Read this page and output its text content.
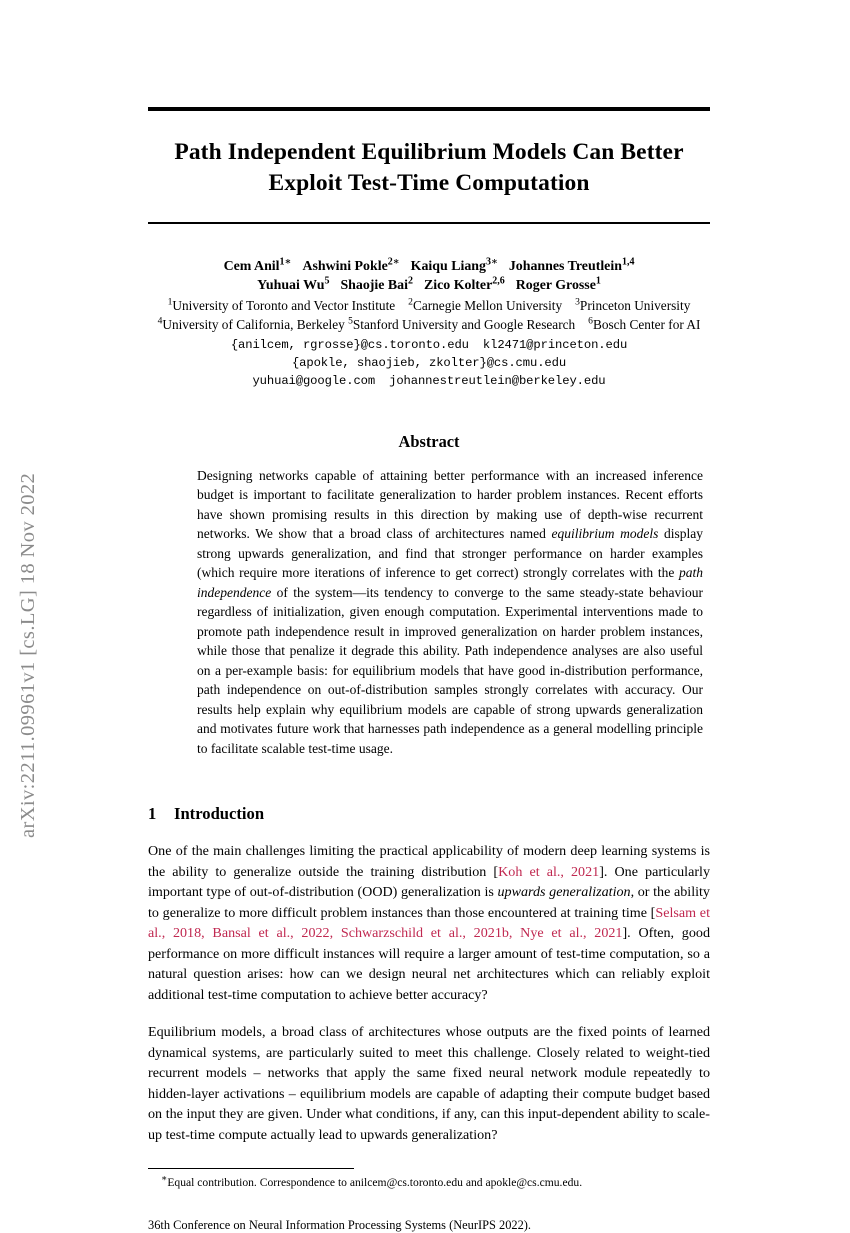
arXiv:2211.09961v1 [cs.LG] 18 Nov 2022
Path Independent Equilibrium Models Can Better
Exploit Test-Time Computation
Cem Anil$^{1∗}$ Ashwini Pokle$^{2∗}$ Kaiqu Liang$^{3∗}$ Johannes Treutlein$^{1,4}$
Yuhuai Wu$^5$ Shaojie Bai$^2$ Zico Kolter$^{2,6}$ Roger Grosse$^1$
$^1$University of Toronto and Vector Institute $^2$Carnegie Mellon University $^3$Princeton University
$^4$University of California, Berkeley $^5$Stanford University and Google Research $^6$Bosch Center for AI
{anilcem, rgrosse}@cs.toronto.edu kl2471@princeton.edu
{apokle, shaojieb, zkolter}@cs.cmu.edu
yuhuai@google.com johannestreutlein@berkeley.edu
Abstract
Designing networks capable of attaining better performance with an increased inference budget is important to facilitate generalization to harder problem instances. Recent efforts have shown promising results in this direction by making use of depth-wise recurrent networks. We show that a broad class of architectures named equilibrium models display strong upwards generalization, and find that stronger performance on harder examples (which require more iterations of inference to get correct) strongly correlates with the path independence of the system—its tendency to converge to the same steady-state behaviour regardless of initialization, given enough computation. Experimental interventions made to promote path independence result in improved generalization on harder problem instances, while those that penalize it degrade this ability. Path independence analyses are also useful on a per-example basis: for equilibrium models that have good in-distribution performance, path independence on out-of-distribution samples strongly correlates with accuracy. Our results help explain why equilibrium models are capable of strong upwards generalization and motivates future work that harnesses path independence as a general modelling principle to facilitate scalable test-time usage.
1 Introduction
One of the main challenges limiting the practical applicability of modern deep learning systems is the ability to generalize outside the training distribution [Koh et al., 2021]. One particularly important type of out-of-distribution (OOD) generalization is upwards generalization, or the ability to generalize to more difficult problem instances than those encountered at training time [Selsam et al., 2018, Bansal et al., 2022, Schwarzschild et al., 2021b, Nye et al., 2021]. Often, good performance on more difficult instances will require a larger amount of test-time computation, so a natural question arises: how can we design neural net architectures which can reliably exploit additional test-time computation to achieve better accuracy?
Equilibrium models, a broad class of architectures whose outputs are the fixed points of learned dynamical systems, are particularly suited to meet this challenge. Closely related to weight-tied recurrent models – networks that apply the same fixed neural network module repeatedly to hidden-layer activations – equilibrium models are capable of adapting their compute budget based on the input they are given. Under what conditions, if any, can this input-dependent ability to scale-up test-time compute actually lead to upwards generalization?
∗Equal contribution. Correspondence to anilcem@cs.toronto.edu and apokle@cs.cmu.edu.
36th Conference on Neural Information Processing Systems (NeurIPS 2022).
